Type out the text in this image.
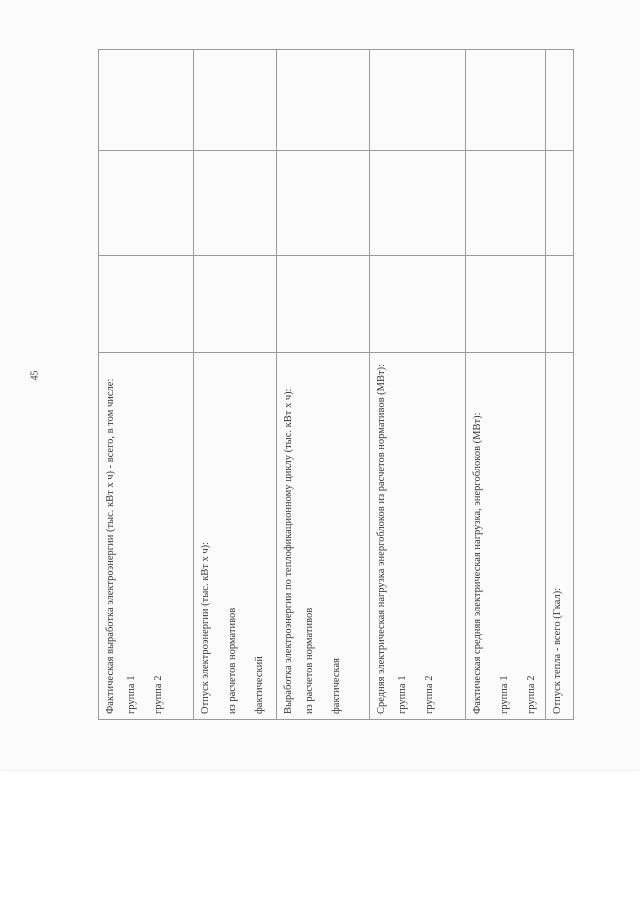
45
Фактическая выработка электроэнергии (тыс. кВт х ч) - всего, в том числе: группа 1 группа 2			

Отпуск электроэнергии (тыс. кВт х ч): из расчетов нормативов фактический			

Выработка электроэнергии по теплофикационному циклу (тыс. кВт х ч): из расчетов нормативов фактическая			

Средняя электрическая нагрузка энергоблоков из расчетов нормативов (МВт): группа 1 группа 2			

Фактическая средняя электрическая нагрузка, энергоблоков (МВт): группа 1 группа 2			

Отпуск тепла - всего (Гкал):			
